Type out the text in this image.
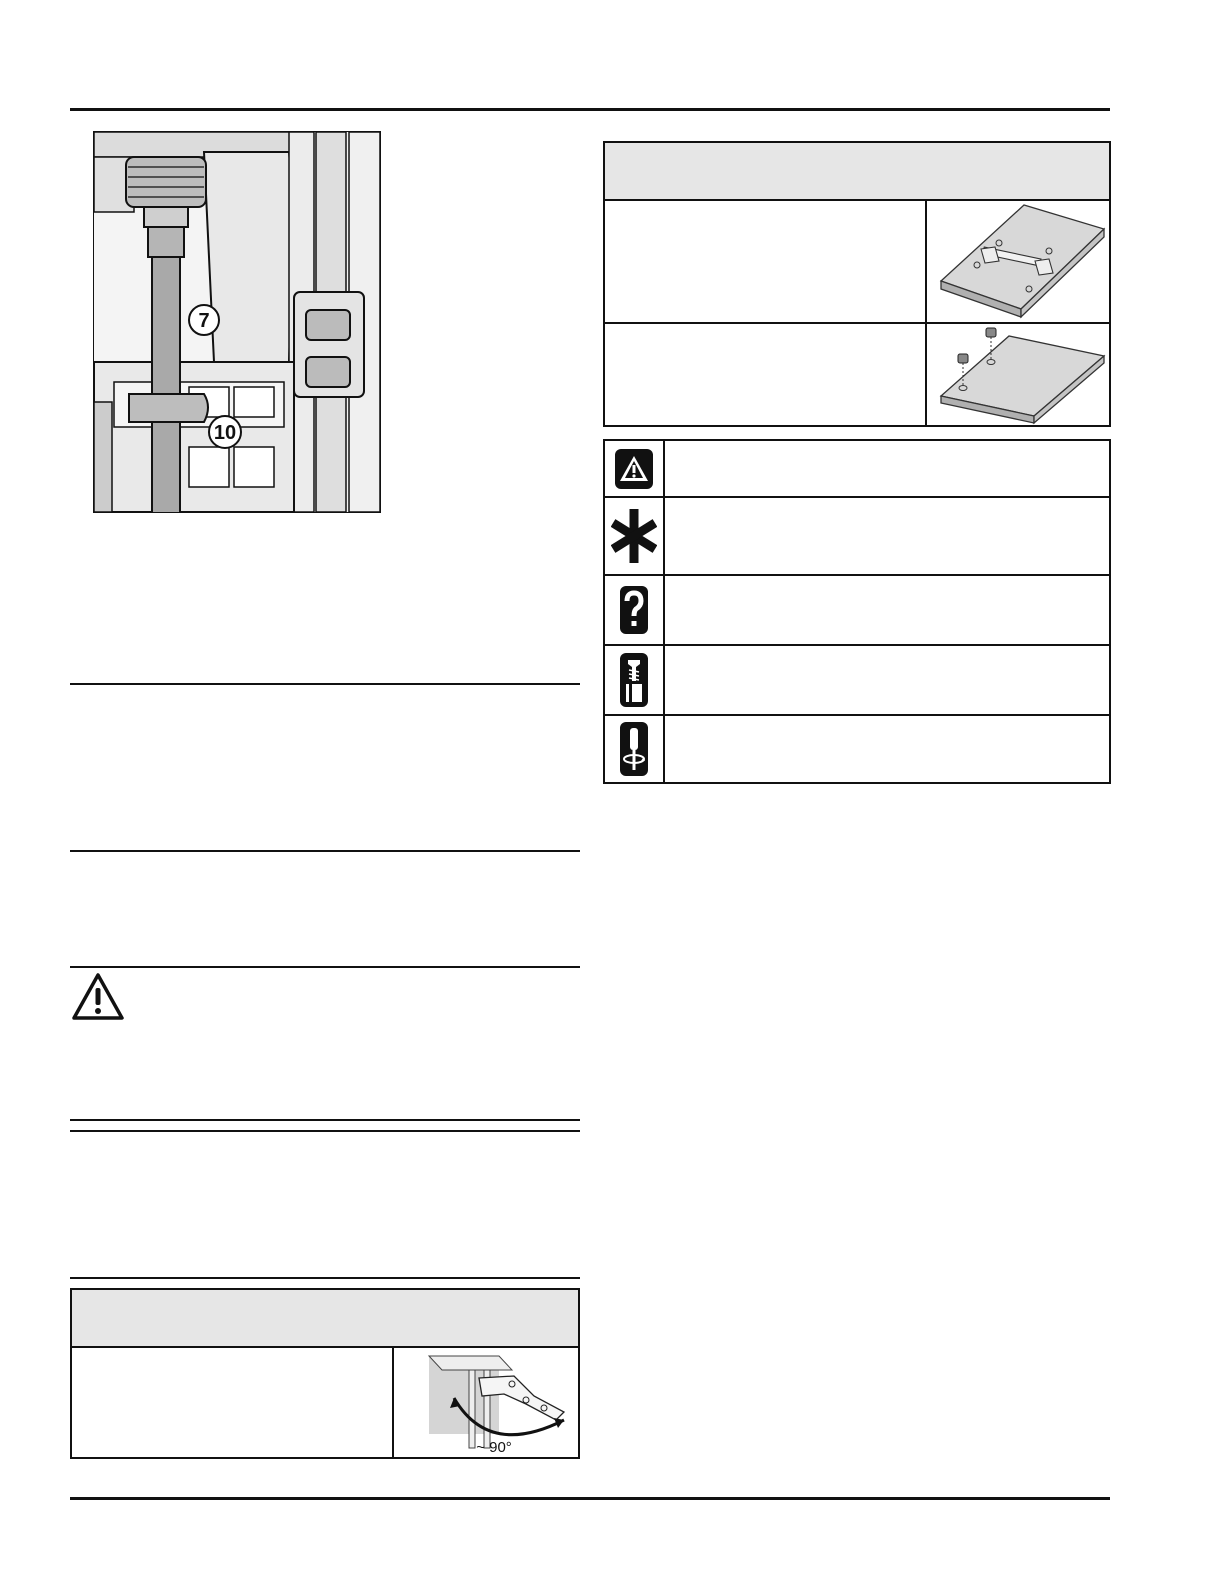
7
10
~ 90°
